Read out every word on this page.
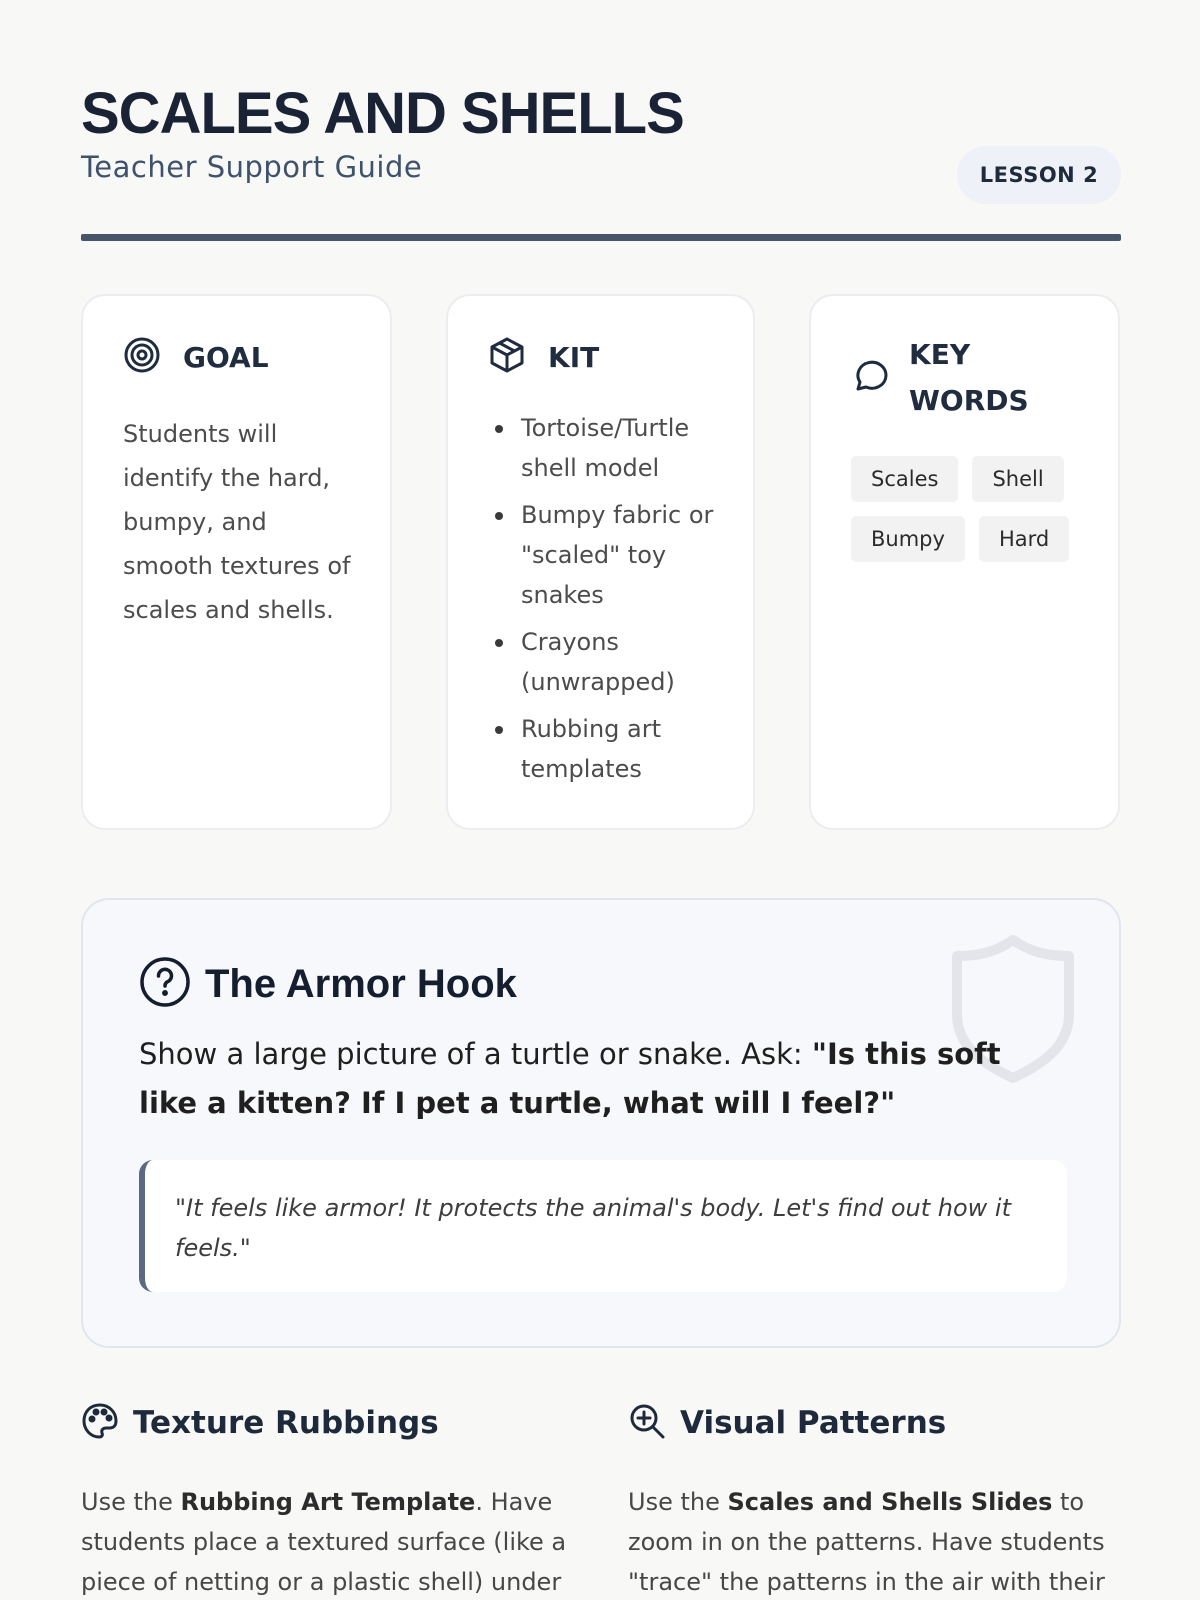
SCALES AND SHELLS
Teacher Support Guide	LESSON 2
GOAL

Students will identify the hard, bumpy, and smooth textures of scales and shells.

KIT
Tortoise/Turtle shell model
Bumpy fabric or "scaled" toy snakes
Crayons (unwrapped)
Rubbing art templates
KEY WORDS
Scales	Shell
Bumpy	Hard
The Armor Hook

Show a large picture of a turtle or snake. Ask: "Is this soft like a kitten? If I pet a turtle, what will I feel?"

"It feels like armor! It protects the animal's body. Let's find out how it feels."
Texture Rubbings

Use the Rubbing Art Template. Have students place a textured surface (like a piece of netting or a plastic shell) under

Visual Patterns

Use the Scales and Shells Slides to zoom in on the patterns. Have students "trace" the patterns in the air with their
